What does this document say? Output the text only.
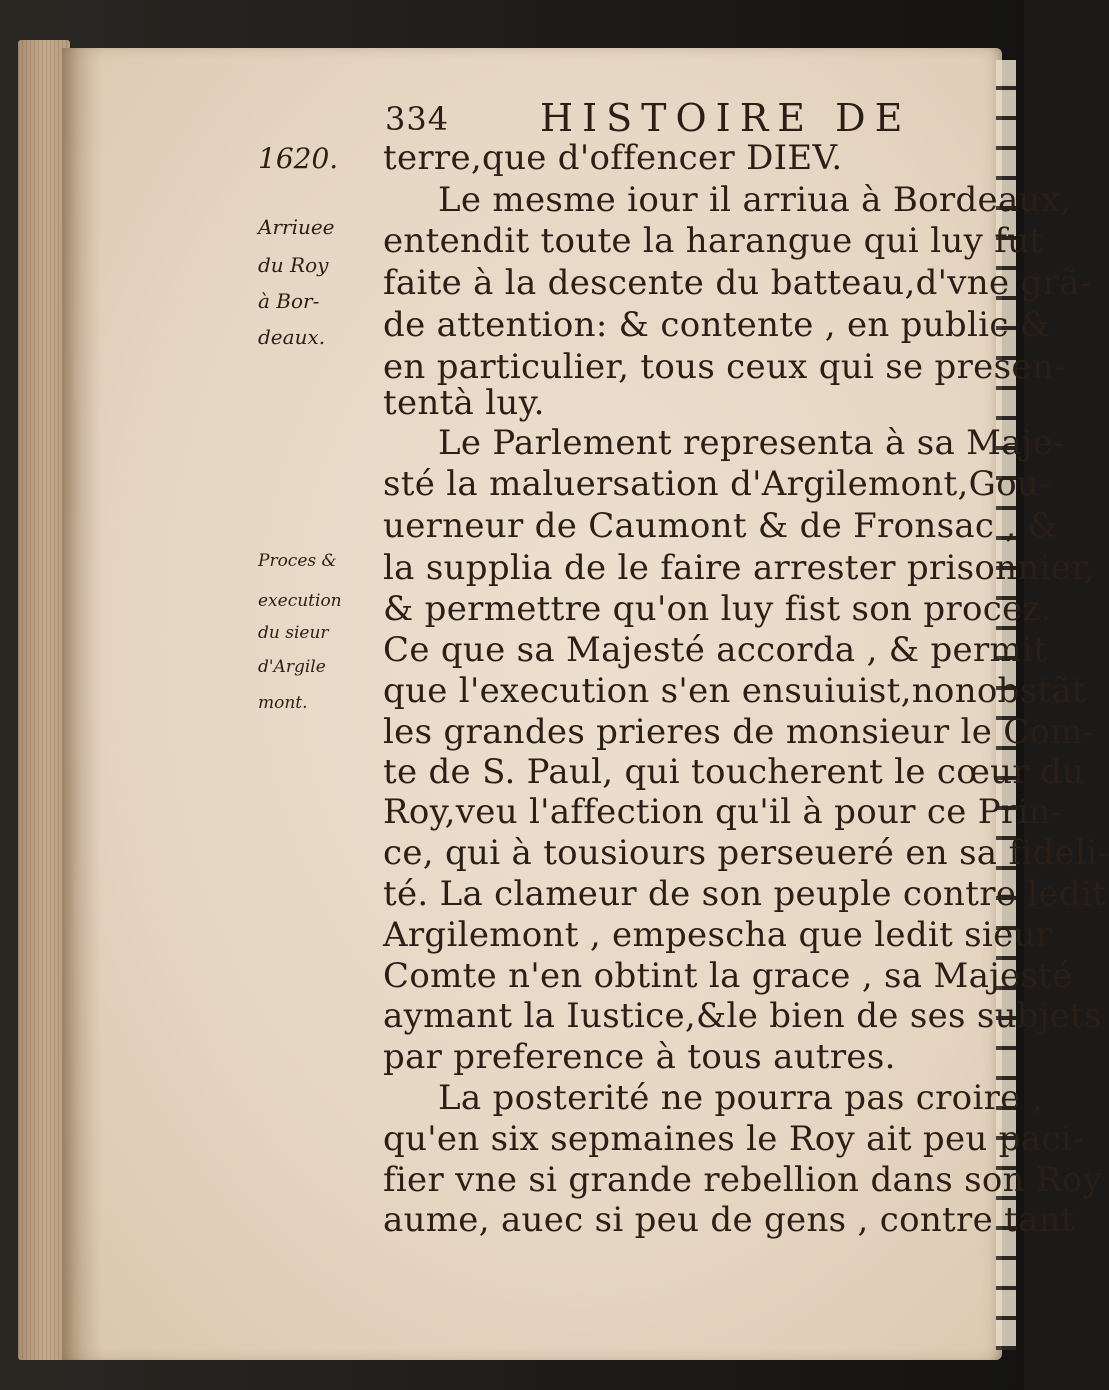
334 HISTOIRE DE
1620.
Arriuee
du Roy
à Bor-
deaux.
Proces &
execution
du sieur
d'Argile
mont.
terre,que d'offencer DIEV.
Le mesme iour il arriua à Bordeaux,
entendit toute la harangue qui luy fut
faite à la descente du batteau,d'vne grã-
de attention: & contente , en public &
en particulier, tous ceux qui se presen-
tentà luy.
Le Parlement representa à sa Maje-
sté la maluersation d'Argilemont,Gou-
uerneur de Caumont & de Fronsac , &
la supplia de le faire arrester prisonnier,
& permettre qu'on luy fist son procez.
Ce que sa Majesté accorda , & permit
que l'execution s'en ensuiuist,nonobstãt
les grandes prieres de monsieur le Com-
te de S. Paul, qui toucherent le cœur du
Roy,veu l'affection qu'il à pour ce Prin-
ce, qui à tousiours perseueré en sa fideli-
té. La clameur de son peuple contre ledit
Argilemont , empescha que ledit sieur
Comte n'en obtint la grace , sa Majesté
aymant la Iustice,&le bien de ses subjets
par preference à tous autres.
La posterité ne pourra pas croire ,
qu'en six sepmaines le Roy ait peu paci-
fier vne si grande rebellion dans son Roy
aume, auec si peu de gens , contre tant
